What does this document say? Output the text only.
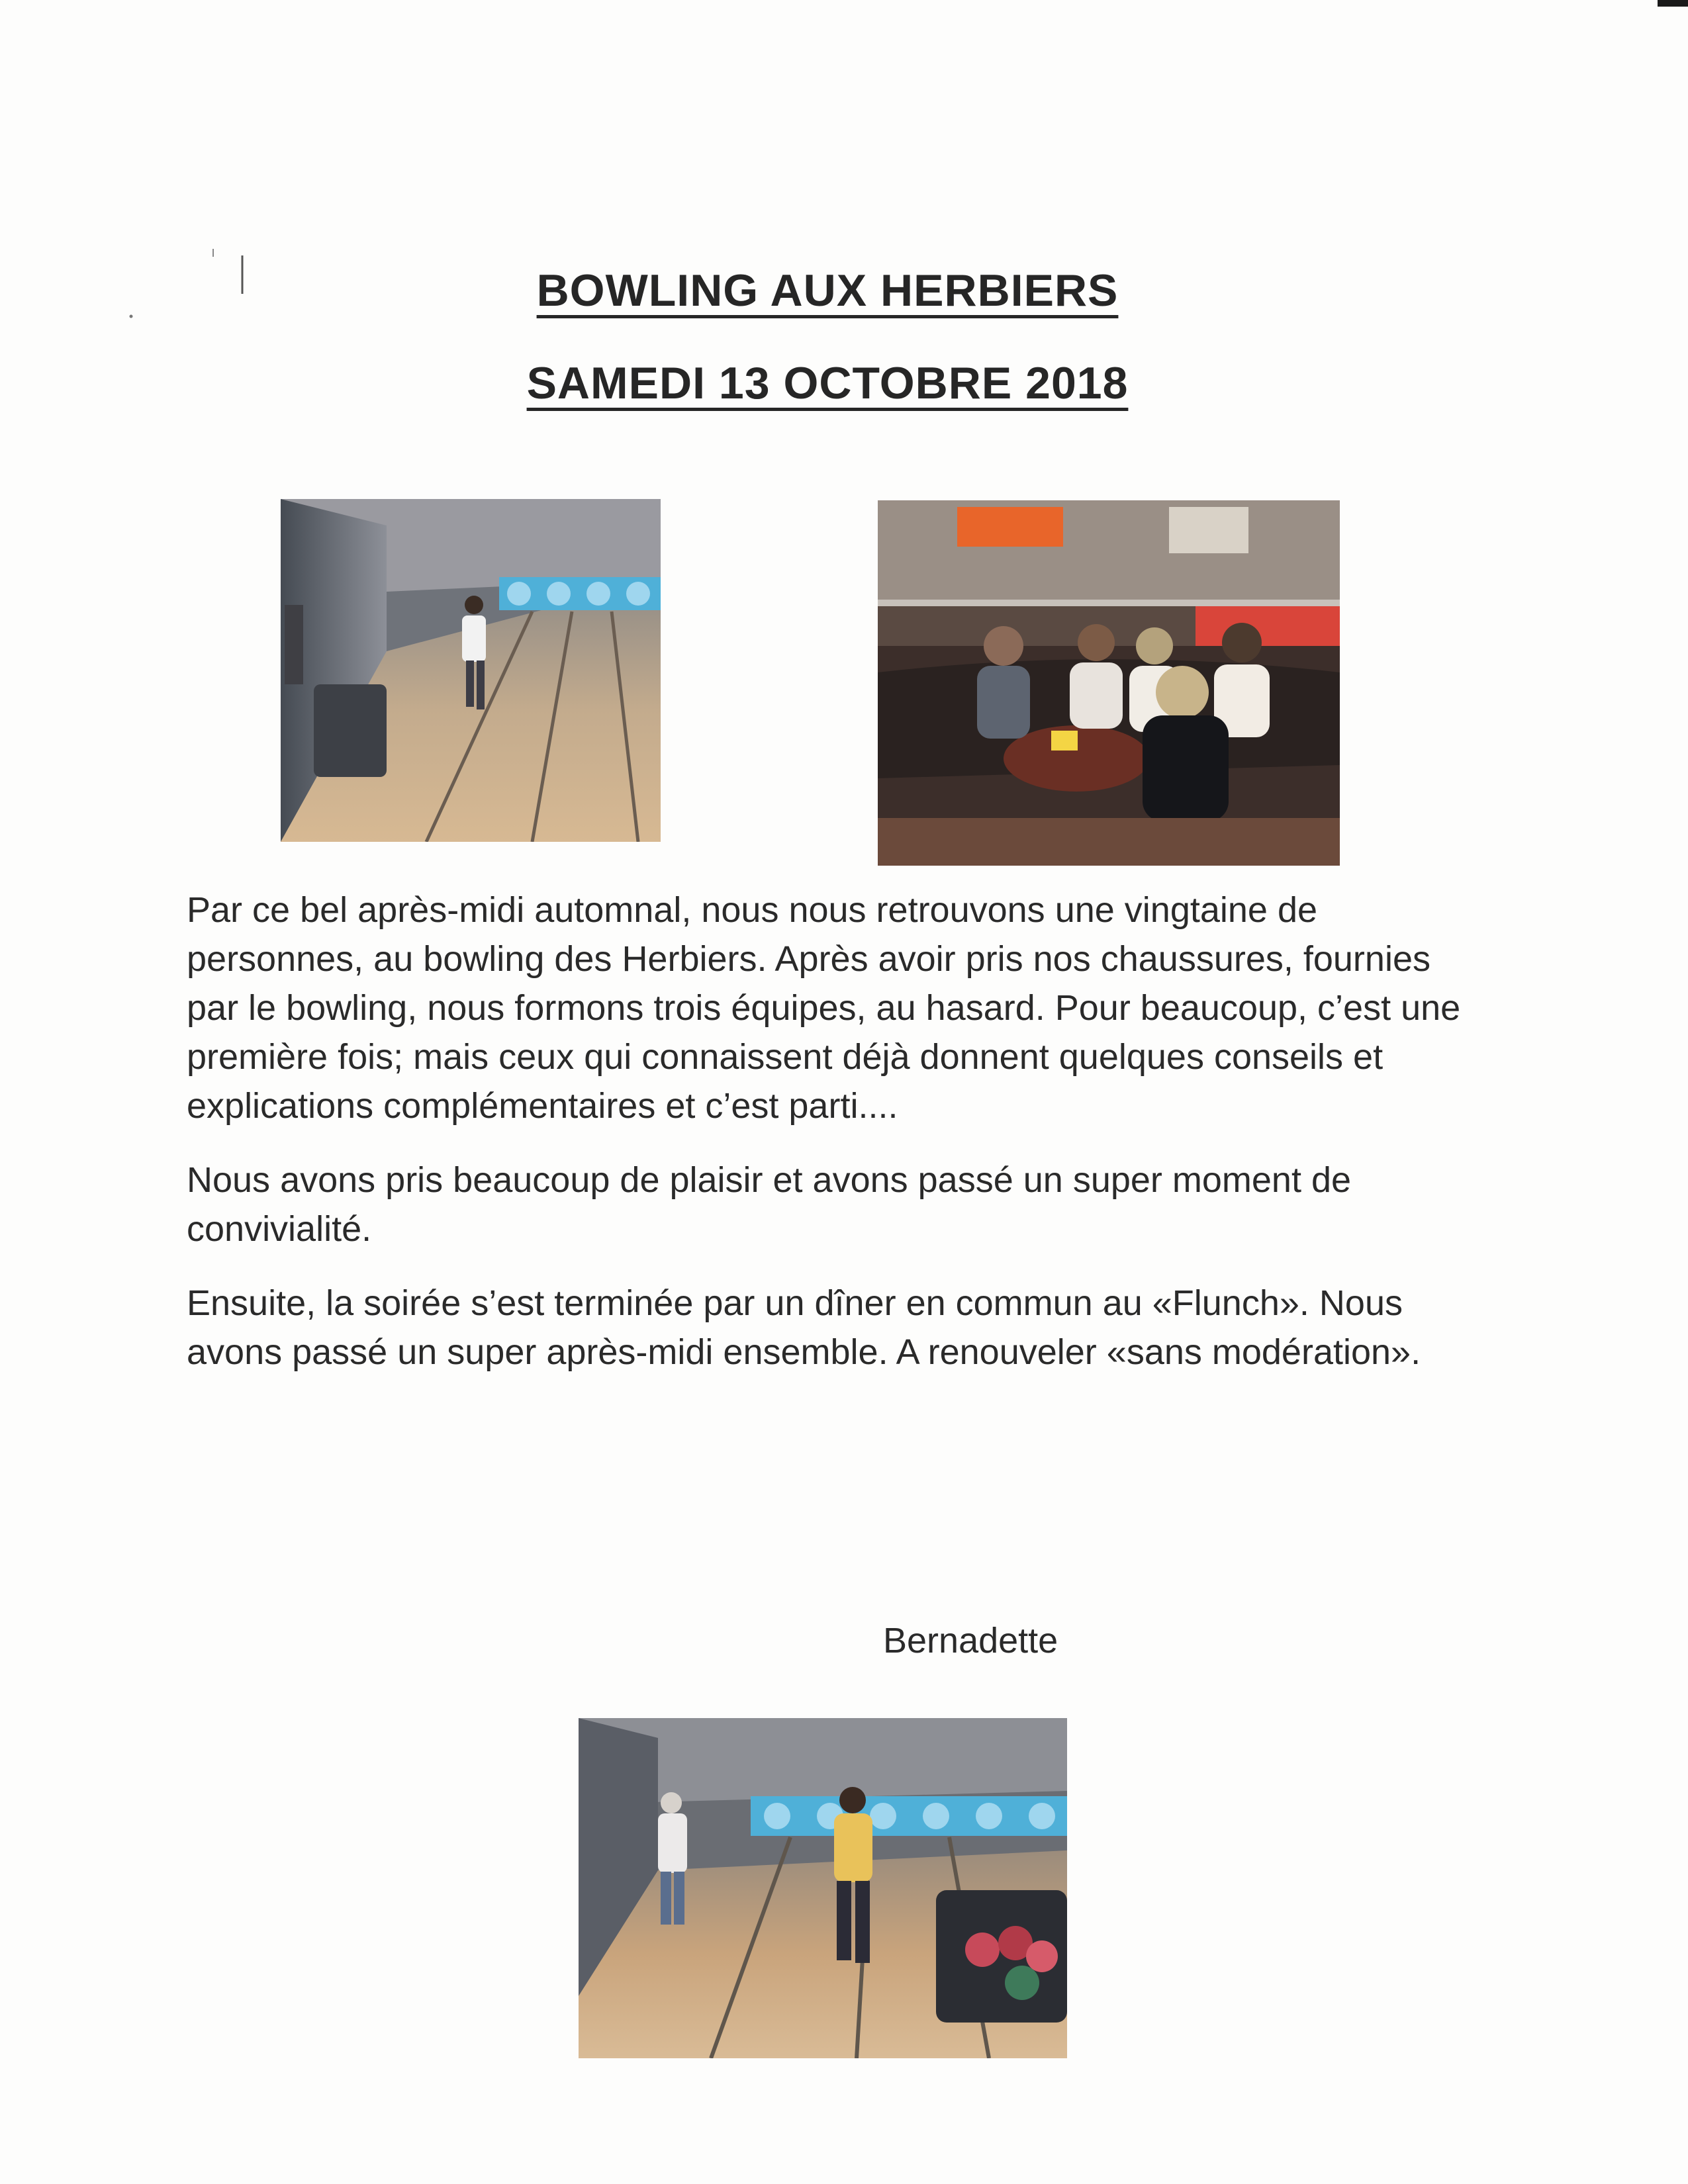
BOWLING AUX HERBIERS
SAMEDI 13 OCTOBRE 2018

Par ce bel après-midi automnal, nous nous retrouvons une vingtaine de personnes, au bowling des Herbiers. Après avoir pris nos chaussures, fournies par le bowling, nous formons trois équipes, au hasard. Pour beaucoup, c’est une première fois; mais ceux qui connaissent déjà donnent quelques conseils et explications complémentaires et c’est parti....

Nous avons pris beaucoup de plaisir et avons passé un super moment de convivialité.

Ensuite, la soirée s’est terminée par un dîner en commun au «Flunch». Nous avons passé un super après-midi ensemble. A renouveler «sans modération».

Bernadette
